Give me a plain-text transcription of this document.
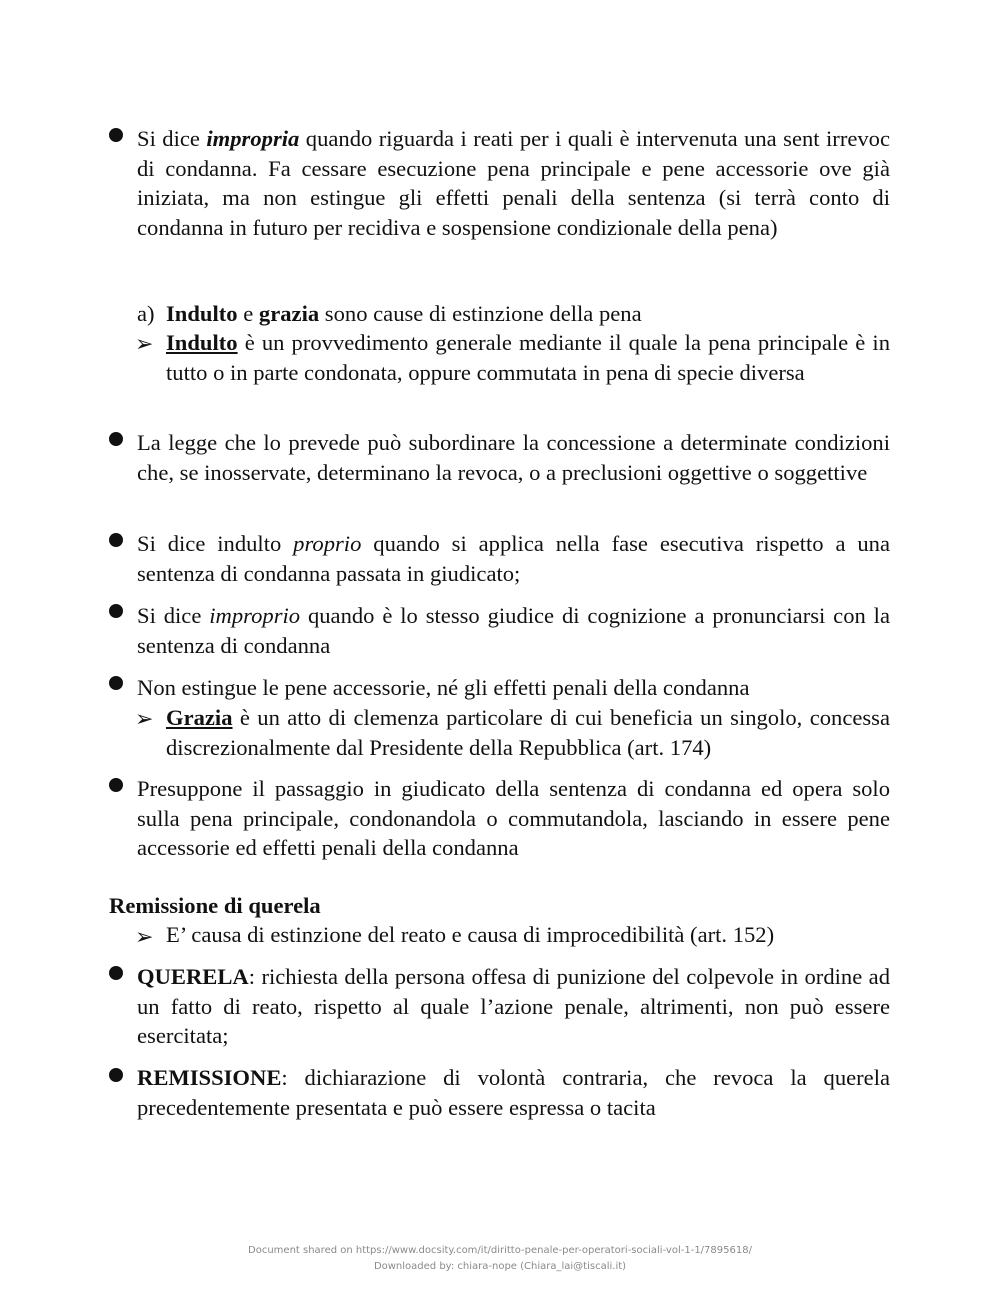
Si dice impropria quando riguarda i reati per i quali è intervenuta una sent irrevoc di condanna. Fa cessare esecuzione pena principale e pene accessorie ove già iniziata, ma non estingue gli effetti penali della sentenza (si terrà conto di condanna in futuro per recidiva e sospensione condizionale della pena)

a) Indulto e grazia sono cause di estinzione della pena

➢ Indulto è un provvedimento generale mediante il quale la pena principale è in tutto o in parte condonata, oppure commutata in pena di specie diversa

La legge che lo prevede può subordinare la concessione a determinate condizioni che, se inosservate, determinano la revoca, o a preclusioni oggettive o soggettive

Si dice indulto proprio quando si applica nella fase esecutiva rispetto a una sentenza di condanna passata in giudicato;

Si dice improprio quando è lo stesso giudice di cognizione a pronunciarsi con la sentenza di condanna

Non estingue le pene accessorie, né gli effetti penali della condanna

➢ Grazia è un atto di clemenza particolare di cui beneficia un singolo, concessa discrezionalmente dal Presidente della Repubblica (art. 174)

Presuppone il passaggio in giudicato della sentenza di condanna ed opera solo sulla pena principale, condonandola o commutandola, lasciando in essere pene accessorie ed effetti penali della condanna

Remissione di querela
➢ E’ causa di estinzione del reato e causa di improcedibilità (art. 152)

QUERELA: richiesta della persona offesa di punizione del colpevole in ordine ad un fatto di reato, rispetto al quale l’azione penale, altrimenti, non può essere esercitata;

REMISSIONE: dichiarazione di volontà contraria, che revoca la querela precedentemente presentata e può essere espressa o tacita

Document shared on https://www.docsity.com/it/diritto-penale-per-operatori-sociali-vol-1-1/7895618/
Downloaded by: chiara-nope (Chiara_lai@tiscali.it)
